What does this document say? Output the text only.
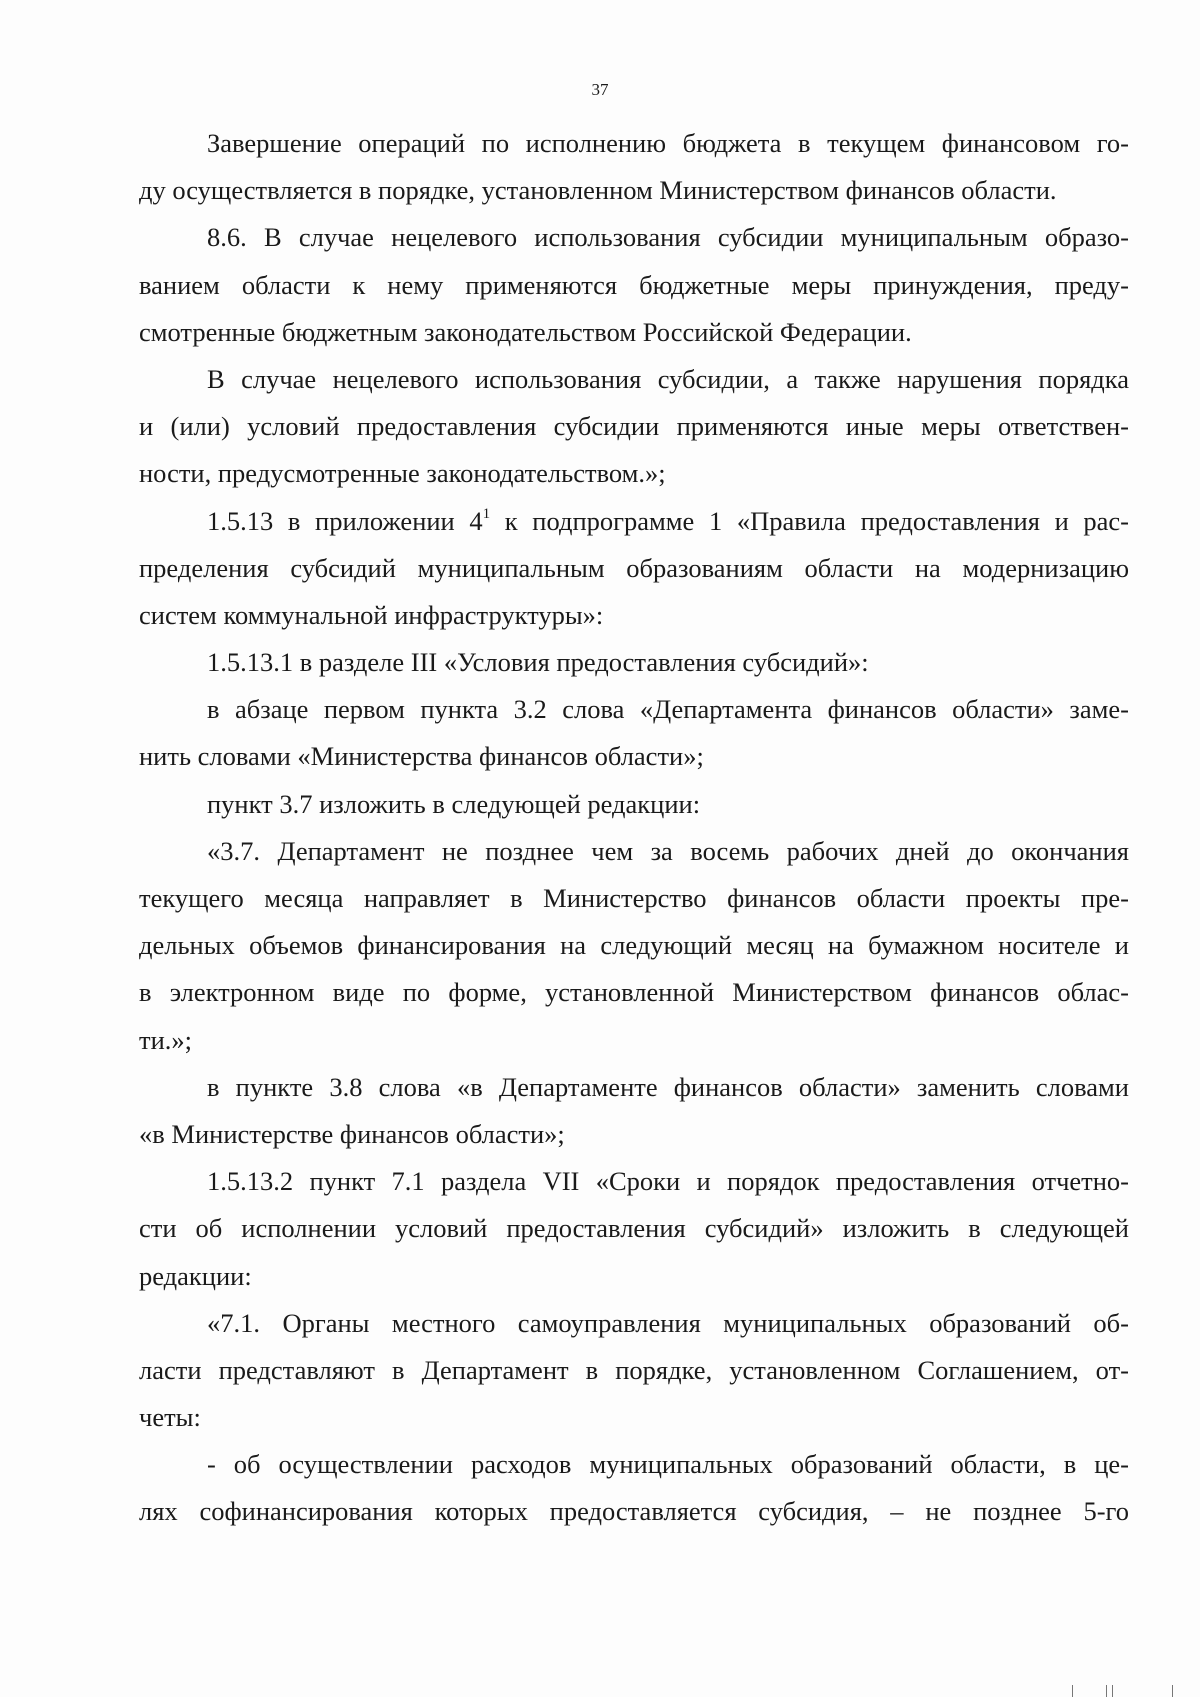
37
Завершение операций по исполнению бюджета в текущем финансовом го-
ду осуществляется в порядке, установленном Министерством финансов области.
8.6. В случае нецелевого использования субсидии муниципальным образо-
ванием области к нему применяются бюджетные меры принуждения, преду-
смотренные бюджетным законодательством Российской Федерации.
В случае нецелевого использования субсидии, а также нарушения порядка
и (или) условий предоставления субсидии применяются иные меры ответствен-
ности, предусмотренные законодательством.»;
1.5.13 в приложении $4^1$ к подпрограмме 1 «Правила предоставления и рас-
пределения субсидий муниципальным образованиям области на модернизацию
систем коммунальной инфраструктуры»:
1.5.13.1 в разделе III «Условия предоставления субсидий»:
в абзаце первом пункта 3.2 слова «Департамента финансов области» заме-
нить словами «Министерства финансов области»;
пункт 3.7 изложить в следующей редакции:
«3.7. Департамент не позднее чем за восемь рабочих дней до окончания
текущего месяца направляет в Министерство финансов области проекты пре-
дельных объемов финансирования на следующий месяц на бумажном носителе и
в электронном виде по форме, установленной Министерством финансов облас-
ти.»;
в пункте 3.8 слова «в Департаменте финансов области» заменить словами
«в Министерстве финансов области»;
1.5.13.2 пункт 7.1 раздела VII «Сроки и порядок предоставления отчетно-
сти об исполнении условий предоставления субсидий» изложить в следующей
редакции:
«7.1. Органы местного самоуправления муниципальных образований об-
ласти представляют в Департамент в порядке, установленном Соглашением, от-
четы:
- об осуществлении расходов муниципальных образований области, в це-
лях софинансирования которых предоставляется субсидия, – не позднее 5-го
